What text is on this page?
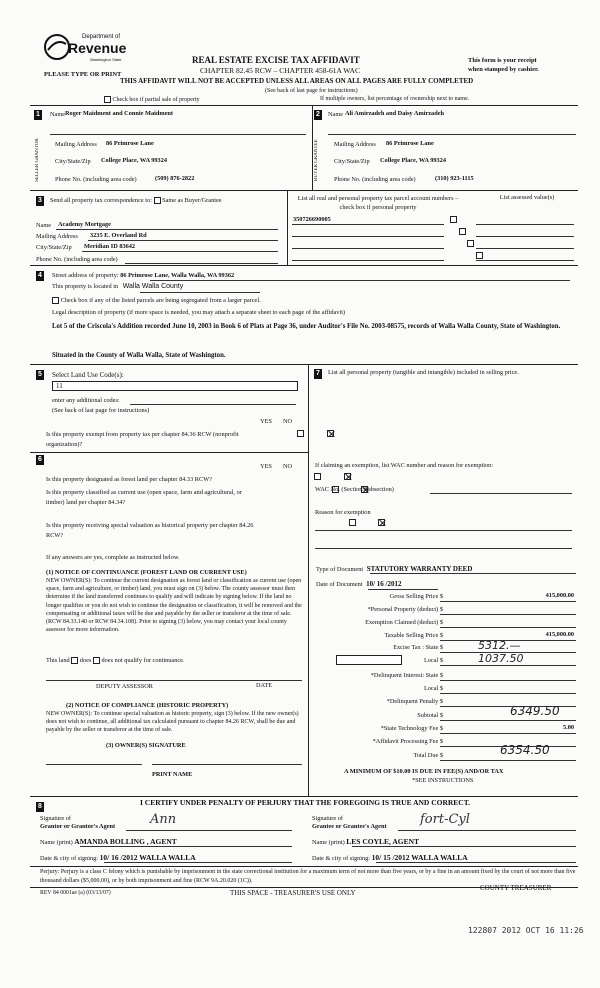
Department of
Revenue
Washington State	REAL ESTATE EXCISE TAX AFFIDAVIT
CHAPTER 82.45 RCW – CHAPTER 458-61A WAC
This form is your receipt
when stamped by cashier.
PLEASE TYPE OR PRINT
THIS AFFIDAVIT WILL NOT BE ACCEPTED UNLESS ALL AREAS ON ALL PAGES ARE FULLY COMPLETED
(See back of last page for instructions)
Check box if partial sale of property	If multiple owners, list percentage of ownership next to name.
1
SELLER GRANTOR
Name Roger Maidment and Connie Maidment
Mailing Address 86 Primrose Lane
City/State/Zip College Place, WA 99324
Phone No. (including area code)	(509) 876-2822
2
BUYER GRANTEE
Name Ali Amirzadeh and Daisy Amirzadeh
Mailing Address 86 Primrose Lane
City/State/Zip College Place, WA 99324
Phone No. (including area code)	(310) 923-1115
3	Send all property tax correspondence to: Same as Buyer/Grantee
Name Academy Mortgage
Mailing Address 3235 E. Overland Rd
City/State/Zip Meridian ID 83642
Phone No. (including area code)
List all real and personal property tax parcel account numbers – check box if personal property
List assessed value(s)
350726690005

4	Street address of property: 86 Primrose Lane, Walla Walla, WA 99362
This property is located in Walla Walla County
Check box if any of the listed parcels are being segregated from a larger parcel.
Legal description of property (if more space is needed, you may attach a separate sheet to each page of the affidavit)
Lot 5 of the Criscola's Addition recorded June 10, 2003 in Book 6 of Plats at Page 36, under Auditor's File No. 2003-08575, records of Walla Walla County, State of Washington.
Situated in the County of Walla Walla, State of Washington.
5 Select Land Use Code(s):
11
enter any additional codes:
(See back of last page for instructions)
YES NO
Is this property exempt from property tax per chapter 84.36 RCW (nonprofit organization)?

6
YES NO
Is this property designated as forest land per chapter 84.33 RCW?

Is this property classified as current use (open space, farm and agricultural, or timber) land per chapter 84.34?

Is this property receiving special valuation as historical property per chapter 84.26 RCW?

If any answers are yes, complete as instructed below.
(1) NOTICE OF CONTINUANCE (FOREST LAND OR CURRENT USE)
NEW OWNER(S): To continue the current designation as forest land or classification as current use (open space, farm and agriculture, or timber) land, you must sign on (3) below. The county assessor must then determine if the land transferred continues to qualify and will indicate by signing below. If the land no longer qualifies or you do not wish to continue the designation or classification, it will be removed and the compensating or additional taxes will be due and payable by the seller or transferor at the time of sale. (RCW 84.33.140 or RCW 84.34.108). Prior to signing (3) below, you may contact your local county assessor for more information.
This land does does not qualify for continuance.
DEPUTY ASSESSOR	DATE
(2) NOTICE OF COMPLIANCE (HISTORIC PROPERTY)
NEW OWNER(S): To continue special valuation as historic property, sign (3) below. If the new owner(s) does not wish to continue, all additional tax calculated pursuant to chapter 84.26 RCW, shall be due and payable by the seller or transferor at the time of sale.
(3) OWNER(S) SIGNATURE
PRINT NAME
7	List all personal property (tangible and intangible) included in selling price.
If claiming an exemption, list WAC number and reason for exemption:
WAC No. (Section/Subsection)
Reason for exemption
Type of Document STATUTORY WARRANTY DEED
Date of Document 10/ 16 /2012
Gross Selling Price $	415,000.00
*Personal Property (deduct) $
Exemption Claimed (deduct) $
Taxable Selling Price $	415,000.00
Excise Tax : State $	5312.—
Local $	1037.50
*Delinquent Interest: State $
Local $
*Delinquent Penalty $
Subtotal $	6349.50
*State Technology Fee $	5.00
*Affidavit Processing Fee $
Total Due $	6354.50
A MINIMUM OF $10.00 IS DUE IN FEE(S) AND/OR TAX
*SEE INSTRUCTIONS
8	I CERTIFY UNDER PENALTY OF PERJURY THAT THE FOREGOING IS TRUE AND CORRECT.
Signature of
Grantor or Grantor's Agent	Ann
Name (print) AMANDA BOLLING , AGENT
Date & city of signing: 10/ 16 /2012 WALLA WALLA
Signature of
Grantee or Grantee's Agent	fort-Cyl
Name (print) LES COYLE, AGENT
Date & city of signing: 10/ 15 /2012 WALLA WALLA
Perjury: Perjury is a class C felony which is punishable by imprisonment in the state correctional institution for a maximum term of not more than five years, or by a fine in an amount fixed by the court of not more than five thousand dollars ($5,000.00), or by both imprisonment and fine (RCW 9A.20.020 (1C)).
REV 84 0001ae (a) (03/13/07)	THIS SPACE - TREASURER'S USE ONLY
COUNTY TREASURER
122807 2012 OCT 16 11:26
